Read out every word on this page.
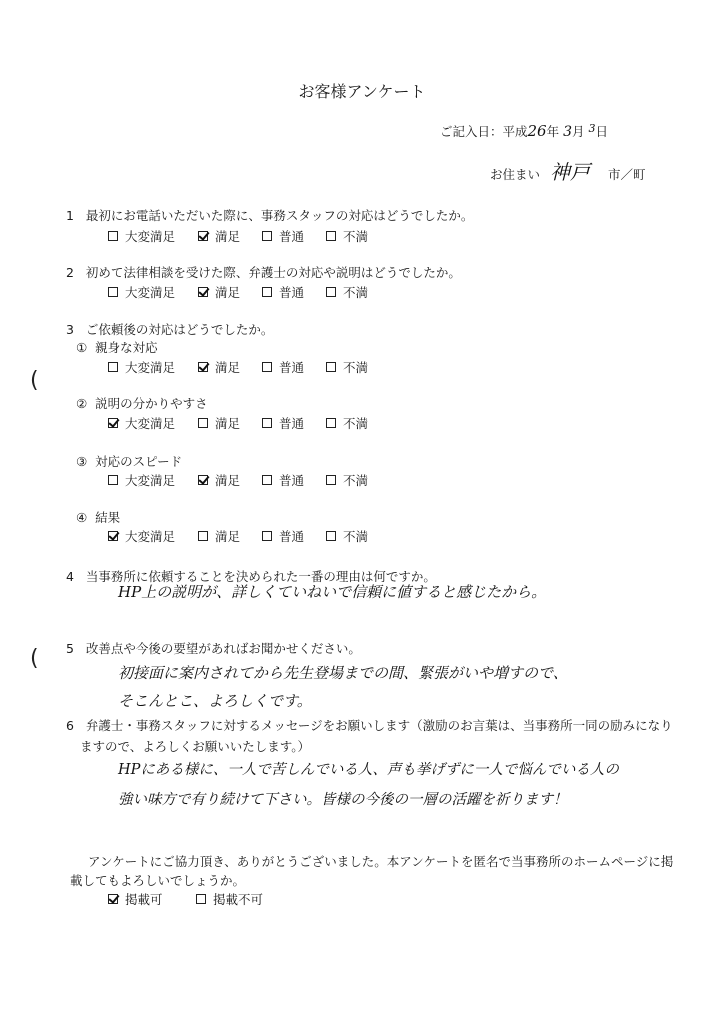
お客様アンケート
ご記入日：平成26年 3月 3日
お住まい 神戸 市／町
1 最初にお電話いただいた際に、事務スタッフの対応はどうでしたか。
大変満足	満足	普通	不満
2 初めて法律相談を受けた際、弁護士の対応や説明はどうでしたか。
大変満足	満足	普通	不満
3 ご依頼後の対応はどうでしたか。
① 親身な対応
大変満足	満足	普通	不満
(
② 説明の分かりやすさ
大変満足	満足	普通	不満
③ 対応のスピード
大変満足	満足	普通	不満
④ 結果
大変満足	満足	普通	不満
4 当事務所に依頼することを決められた一番の理由は何ですか。
HP上の説明が、詳しくていねいで信頼に値すると感じたから。
5 改善点や今後の要望があればお聞かせください。
(
初接面に案内されてから先生登場までの間、緊張がいや増すので、
そこんとこ、よろしくです。
6 弁護士・事務スタッフに対するメッセージをお願いします（激励のお言葉は、当事務所一同の励みになり
ますので、よろしくお願いいたします。）
HPにある様に、一人で苦しんでいる人、声も挙げずに一人で悩んでいる人の
強い味方で有り続けて下さい。皆様の今後の一層の活躍を祈ります！
アンケートにご協力頂き、ありがとうございました。本アンケートを匿名で当事務所のホームページに掲
載してもよろしいでしょうか。
掲載可	掲載不可
